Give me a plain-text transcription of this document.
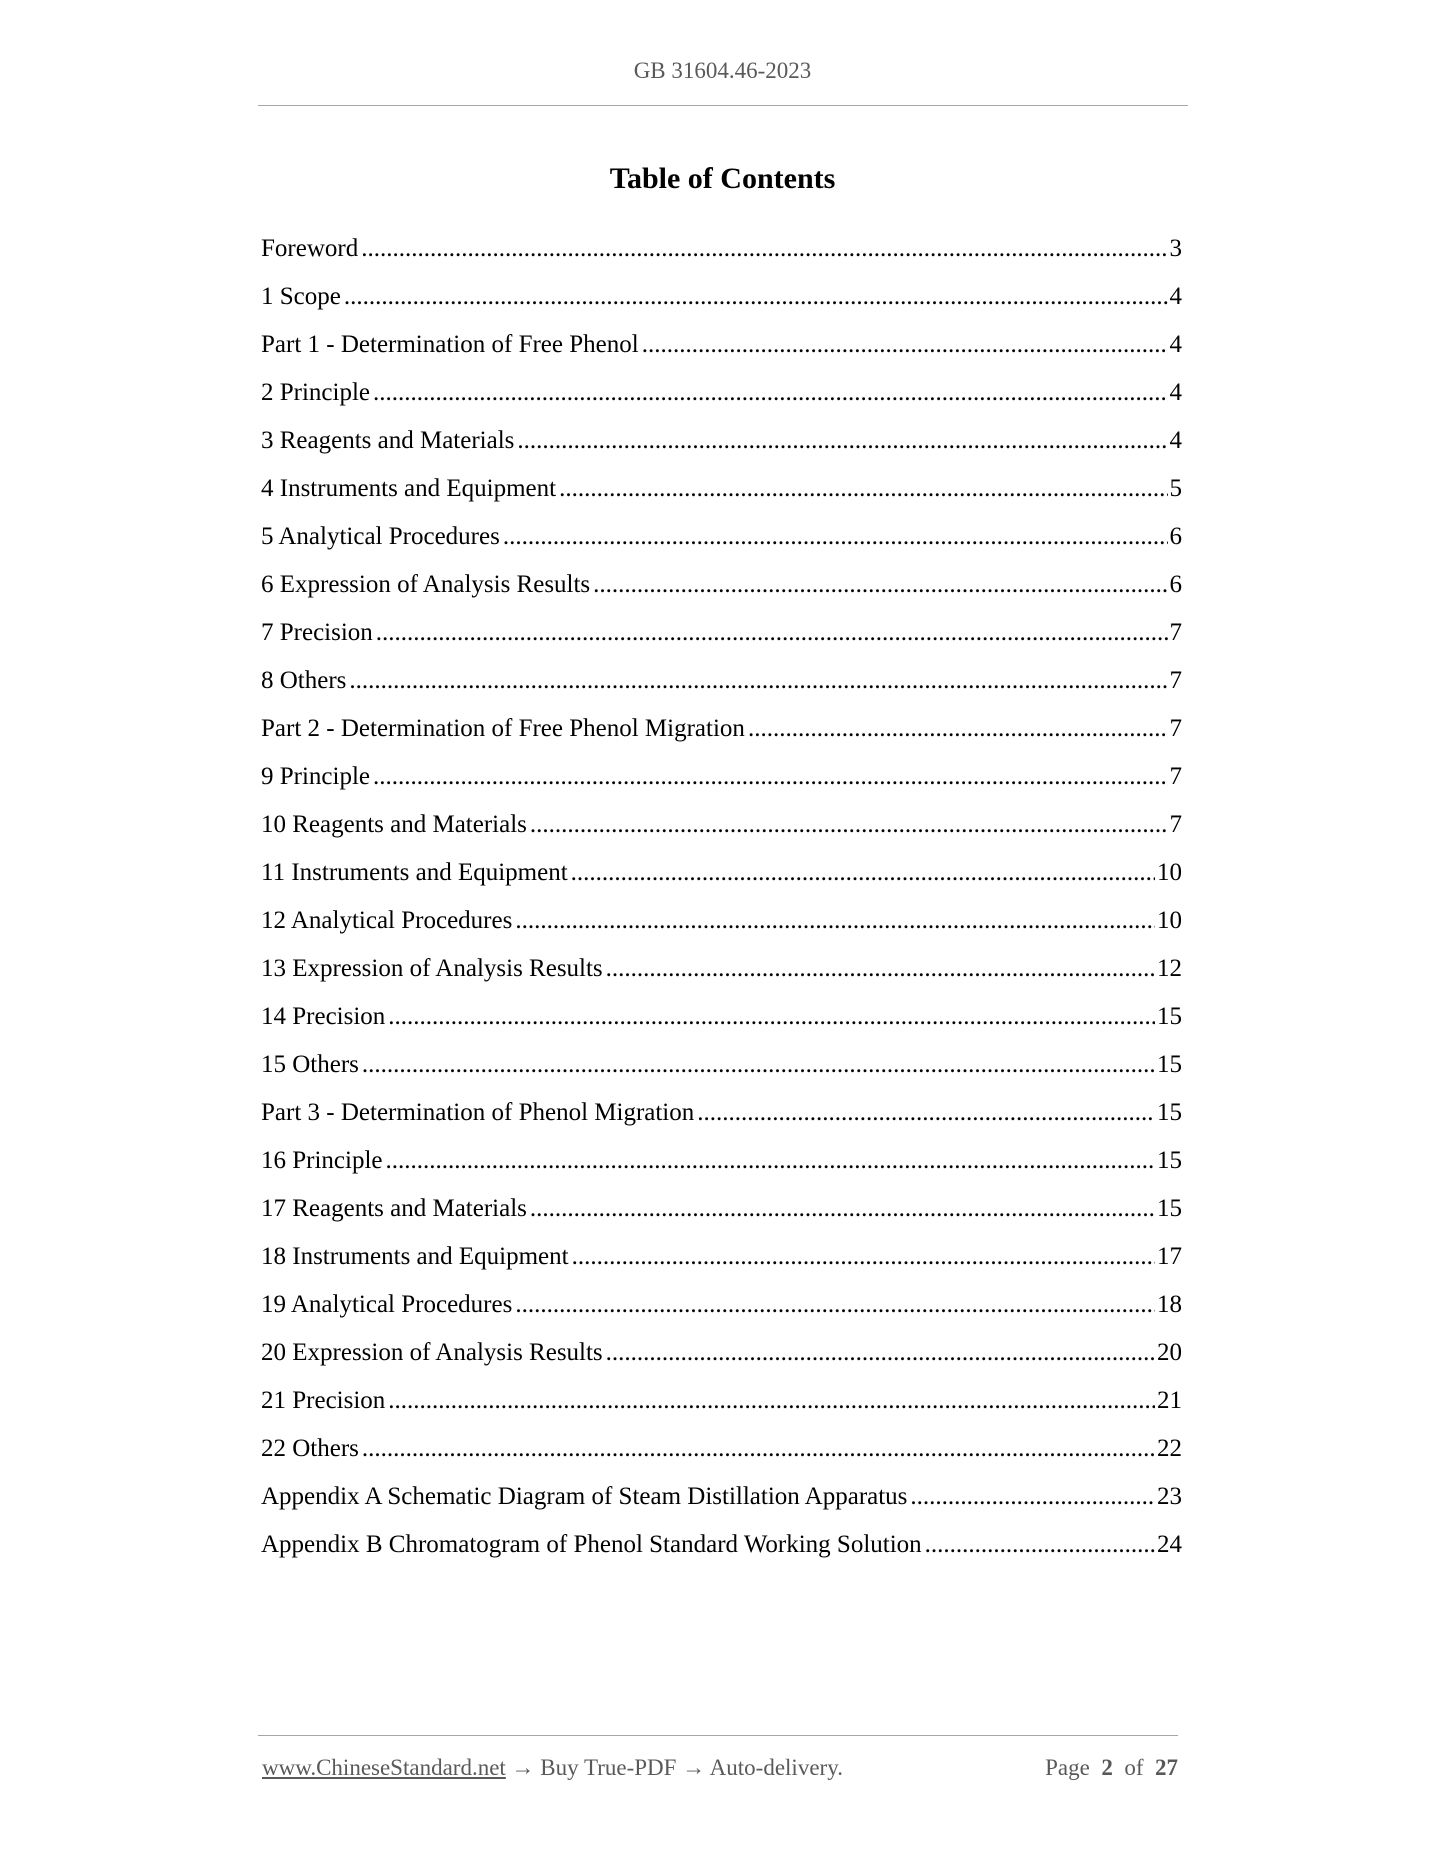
GB 31604.46-2023
Table of Contents
Foreword .....	3
1 Scope .....	4
Part 1 - Determination of Free Phenol .....	4
2 Principle .....	4
3 Reagents and Materials .....	4
4 Instruments and Equipment .....	5
5 Analytical Procedures .....	6
6 Expression of Analysis Results .....	6
7 Precision .....	7
8 Others .....	7
Part 2 - Determination of Free Phenol Migration .....	7
9 Principle .....	7
10 Reagents and Materials .....	7
11 Instruments and Equipment .....	10
12 Analytical Procedures .....	10
13 Expression of Analysis Results .....	12
14 Precision .....	15
15 Others .....	15
Part 3 - Determination of Phenol Migration .....	15
16 Principle .....	15
17 Reagents and Materials .....	15
18 Instruments and Equipment .....	17
19 Analytical Procedures .....	18
20 Expression of Analysis Results .....	20
21 Precision .....	21
22 Others .....	22
Appendix A Schematic Diagram of Steam Distillation Apparatus .....	23
Appendix B Chromatogram of Phenol Standard Working Solution .....	24
www.ChineseStandard.net → Buy True-PDF → Auto-delivery.	Page 2 of 27
